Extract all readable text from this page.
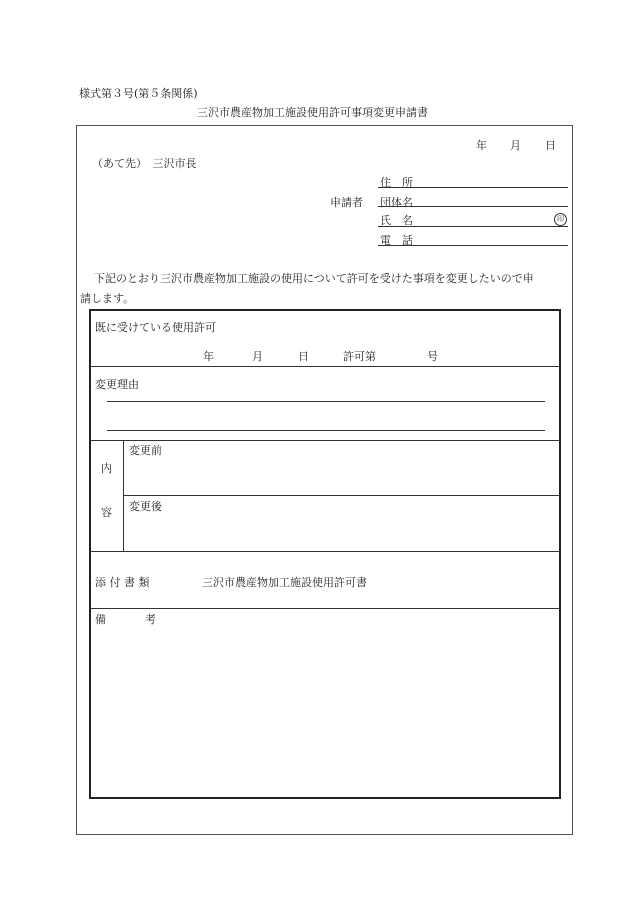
様式第３号(第５条関係)
三沢市農産物加工施設使用許可事項変更申請書
年 月 日
（あて先）　三沢市長
申請者
住　所
団体名
氏　名	印
電　話
下記のとおり三沢市農産物加工施設の使用について許可を受けた事項を変更したいので申
請します。
既に受けている使用許可
年	月	日	許可第	号
変更理由
内
容
変更前
変更後
添 付 書 類	三沢市農産物加工施設使用許可書
備	考
